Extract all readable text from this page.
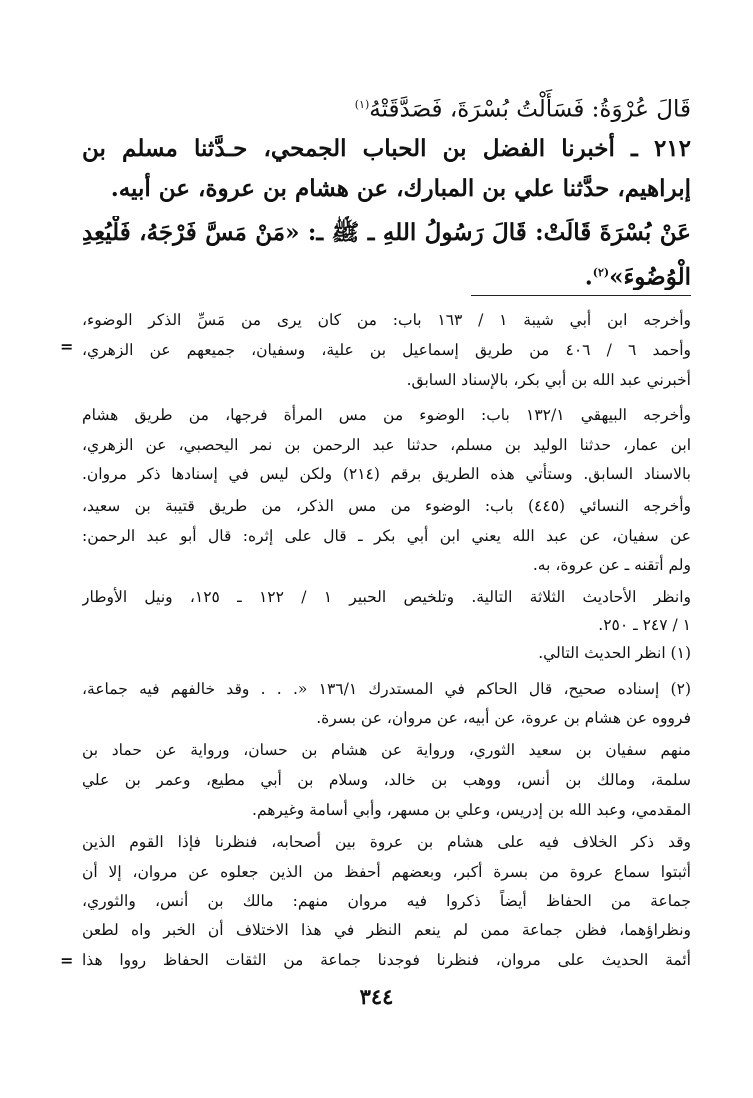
قَالَ عُرْوَةُ: فَسَأَلْتُ بُسْرَةَ، فَصَدَّقَتْهُ$^{(١)}$
٢١٢ ـ أخبرنا الفضل بن الحباب الجمحي، حـدَّثنا مسلم بن
إبراهيم، حدَّثنا علي بن المبارك، عن هشام بن عروة، عن أبيه.
عَنْ بُسْرَةَ قَالَتْ: قَالَ رَسُولُ اللهِ ـ ﷺ ـ: «مَنْ مَسَّ فَرْجَهُ، فَلْيُعِدِ
الْوُضُوءَ»$^{(٢)}$.
وأخرجه ابن أبي شيبة ١ / ١٦٣ باب: من كان يرى من مَسِّ الذكر الوضوء،
وأحمد ٦ / ٤٠٦ من طريق إسماعيل بن علية، وسفيان، جميعهم عن الزهري،
=
أخبرني عبد الله بن أبي بكر، بالإسناد السابق.
وأخرجه البيهقي ١٣٢/١ باب: الوضوء من مس المرأة فرجها، من طريق هشام
ابن عمار، حدثنا الوليد بن مسلم، حدثنا عبد الرحمن بن نمر اليحصبي، عن الزهري،
بالاسناد السابق. وستأتي هذه الطريق برقم (٢١٤) ولكن ليس في إسنادها ذكر مروان.
وأخرجه النسائي (٤٤٥) باب: الوضوء من مس الذكر، من طريق قتيبة بن سعيد،
عن سفيان، عن عبد الله يعني ابن أبي بكر ـ قال على إثره: قال أبو عبد الرحمن:
ولم أتقنه ـ عن عروة، به.
وانظر الأحاديث الثلاثة التالية. وتلخيص الحبير ١ / ١٢٢ ـ ١٢٥، ونيل الأوطار
١ / ٢٤٧ ـ ٢٥٠.
(١) انظر الحديث التالي.
(٢) إسناده صحيح، قال الحاكم في المستدرك ١٣٦/١ «. . . وقد خالفهم فيه جماعة،
فرووه عن هشام بن عروة، عن أبيه، عن مروان، عن بسرة.
منهم سفيان بن سعيد الثوري، ورواية عن هشام بن حسان، ورواية عن حماد بن
سلمة، ومالك بن أنس، ووهب بن خالد، وسلام بن أبي مطيع، وعمر بن علي
المقدمي، وعبد الله بن إدريس، وعلي بن مسهر، وأبي أسامة وغيرهم.
وقد ذكر الخلاف فيه على هشام بن عروة بين أصحابه، فنظرنا فإذا القوم الذين
أثبتوا سماع عروة من بسرة أكبر، وبعضهم أحفظ من الذين جعلوه عن مروان، إلا أن
جماعة من الحفاظ أيضاً ذكروا فيه مروان منهم: مالك بن أنس، والثوري،
ونظراؤهما، فظن جماعة ممن لم ينعم النظر في هذا الاختلاف أن الخبر واه لطعن
أئمة الحديث على مروان، فنظرنا فوجدنا جماعة من الثقات الحفاظ رووا هذا
=
٣٤٤
